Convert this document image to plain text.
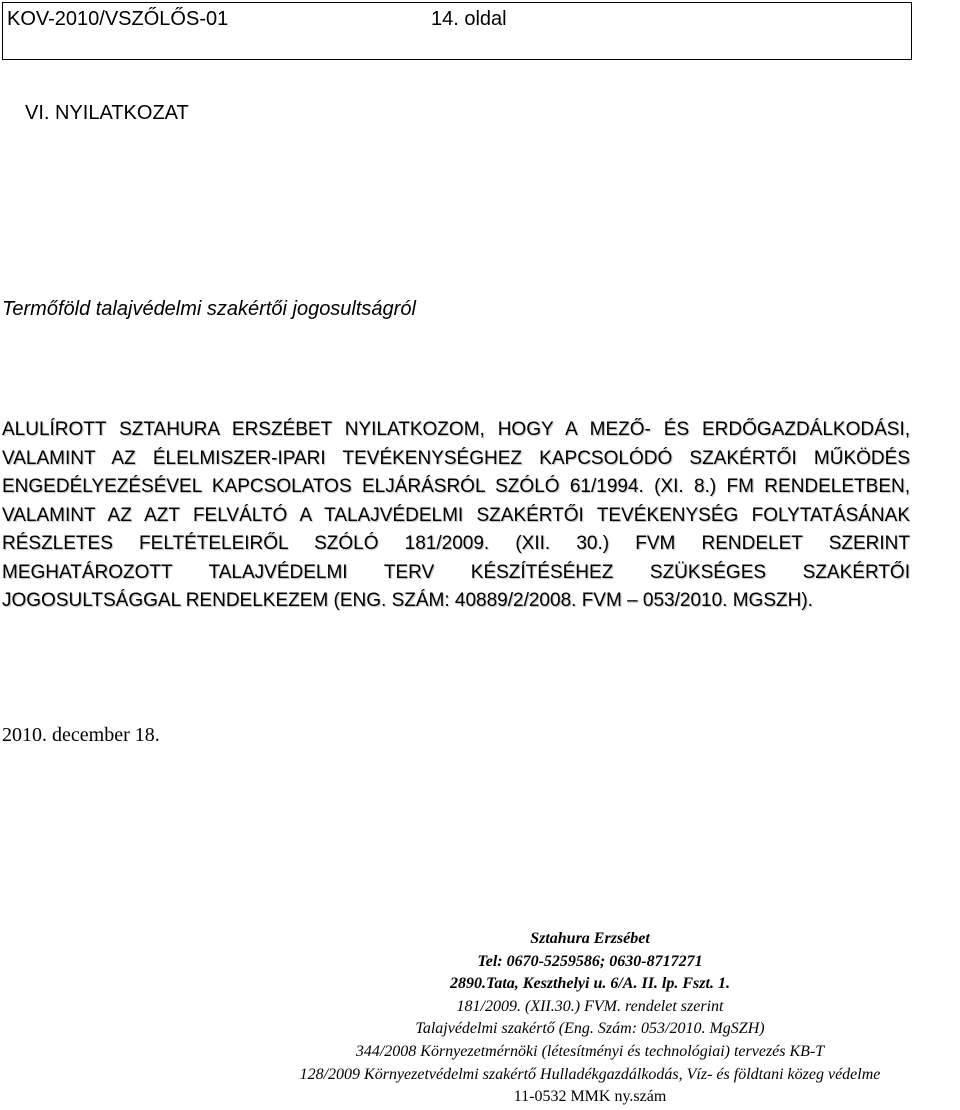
KOV-2010/VSZŐLŐS-01	14. oldal
VI. NYILATKOZAT
Termőföld talajvédelmi szakértői jogosultságról

ALULÍROTT SZTAHURA ERSZÉBET NYILATKOZOM, HOGY A MEZŐ- ÉS ERDŐGAZDÁLKODÁSI, VALAMINT AZ ÉLELMISZER-IPARI TEVÉKENYSÉGHEZ KAPCSOLÓDÓ SZAKÉRTŐI MŰKÖDÉS ENGEDÉLYEZÉSÉVEL KAPCSOLATOS ELJÁRÁSRÓL SZÓLÓ 61/1994. (XI. 8.) FM RENDELETBEN, VALAMINT AZ AZT FELVÁLTÓ A TALAJVÉDELMI SZAKÉRTŐI TEVÉKENYSÉG FOLYTATÁSÁNAK RÉSZLETES FELTÉTELEIRŐL SZÓLÓ 181/2009. (XII. 30.) FVM RENDELET SZERINT MEGHATÁROZOTT TALAJVÉDELMI TERV KÉSZÍTÉSÉHEZ SZÜKSÉGES SZAKÉRTŐI JOGOSULTSÁGGAL RENDELKEZEM (ENG. SZÁM: 40889/2/2008. FVM – 053/2010. MGSZH).

2010. december 18.
Sztahura Erzsébet
Tel: 0670-5259586; 0630-8717271
2890.Tata, Keszthelyi u. 6/A. II. lp. Fszt. 1.
181/2009. (XII.30.) FVM. rendelet szerint
Talajvédelmi szakértő (Eng. Szám: 053/2010. MgSZH)
344/2008 Környezetmérnöki (létesítményi és technológiai) tervezés KB-T
128/2009 Környezetvédelmi szakértő Hulladékgazdálkodás, Víz- és földtani közeg védelme
11-0532 MMK ny.szám
